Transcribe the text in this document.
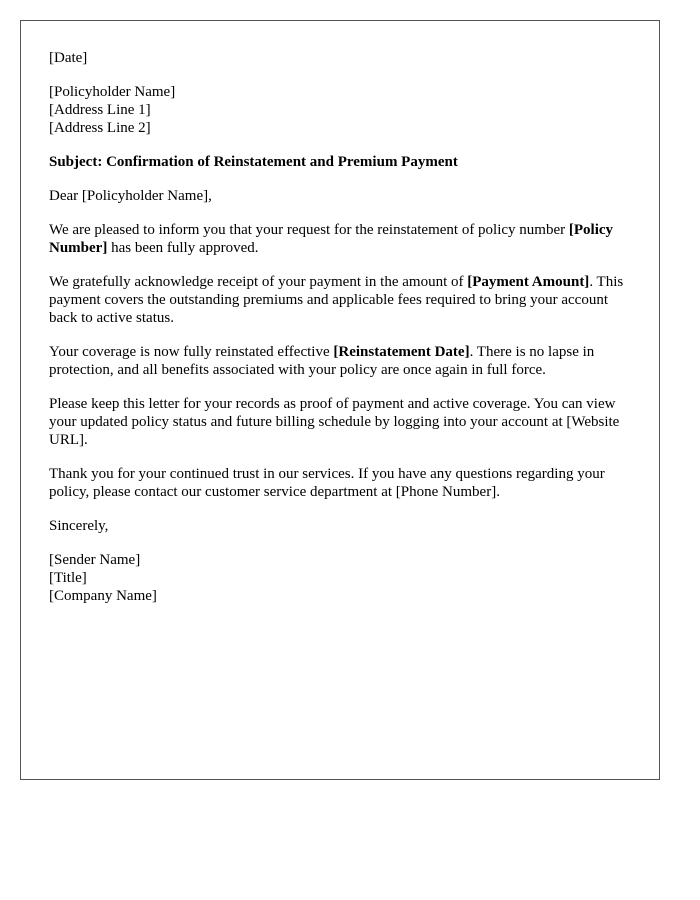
[Date]
[Policyholder Name]
[Address Line 1]
[Address Line 2]
Subject: Confirmation of Reinstatement and Premium Payment
Dear [Policyholder Name],
We are pleased to inform you that your request for the reinstatement of policy number [Policy Number] has been fully approved.
We gratefully acknowledge receipt of your payment in the amount of [Payment Amount]. This payment covers the outstanding premiums and applicable fees required to bring your account back to active status.
Your coverage is now fully reinstated effective [Reinstatement Date]. There is no lapse in protection, and all benefits associated with your policy are once again in full force.
Please keep this letter for your records as proof of payment and active coverage. You can view your updated policy status and future billing schedule by logging into your account at [Website URL].
Thank you for your continued trust in our services. If you have any questions regarding your policy, please contact our customer service department at [Phone Number].
Sincerely,
[Sender Name]
[Title]
[Company Name]
